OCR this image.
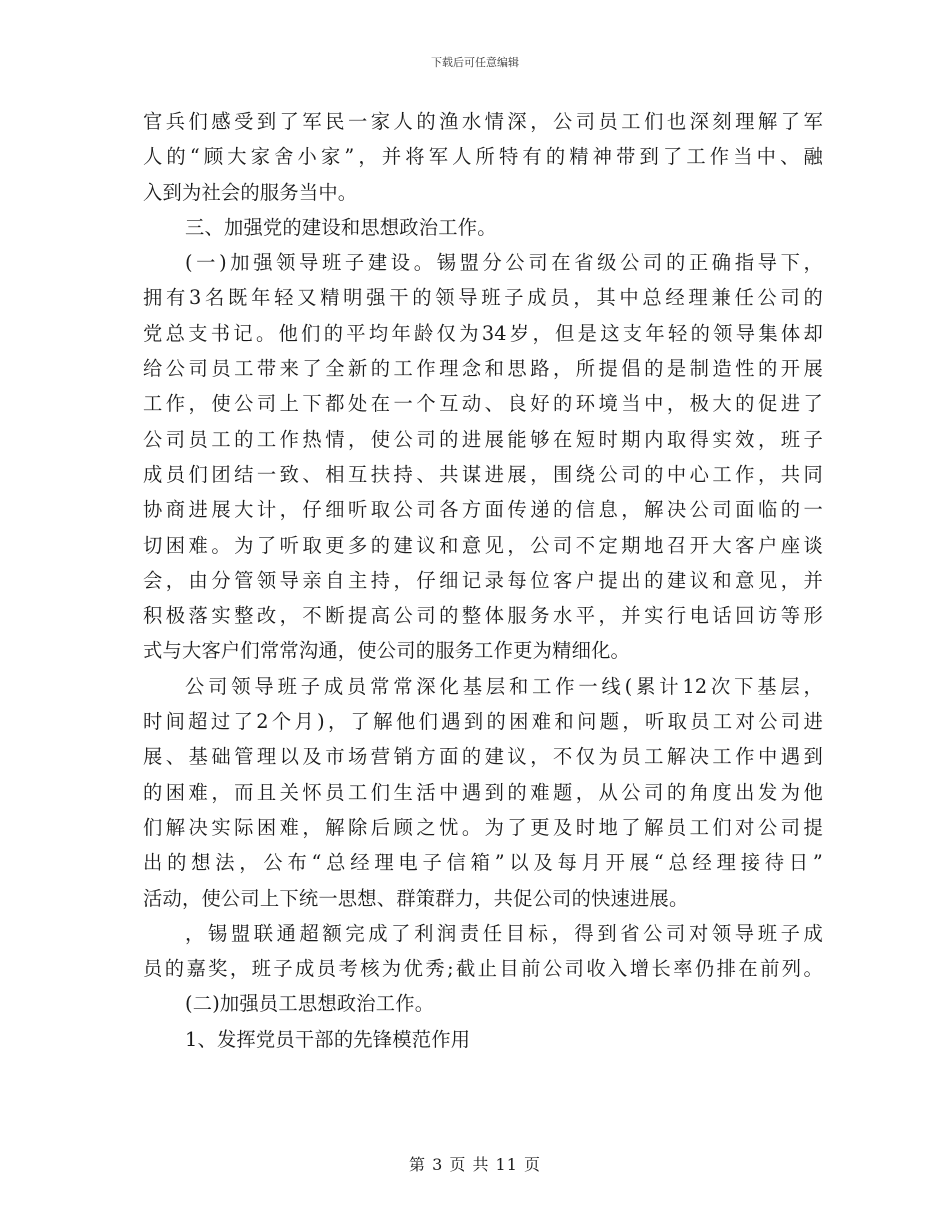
下载后可任意编辑
官兵们感受到了军民一家人的渔水情深，公司员工们也深刻理解了军
人的“顾大家舍小家”，并将军人所特有的精神带到了工作当中、融
入到为社会的服务当中。
三、加强党的建设和思想政治工作。
(一)加强领导班子建设。锡盟分公司在省级公司的正确指导下，
拥有3名既年轻又精明强干的领导班子成员，其中总经理兼任公司的
党总支书记。他们的平均年龄仅为34岁，但是这支年轻的领导集体却
给公司员工带来了全新的工作理念和思路，所提倡的是制造性的开展
工作，使公司上下都处在一个互动、良好的环境当中，极大的促进了
公司员工的工作热情，使公司的进展能够在短时期内取得实效，班子
成员们团结一致、相互扶持、共谋进展，围绕公司的中心工作，共同
协商进展大计，仔细听取公司各方面传递的信息，解决公司面临的一
切困难。为了听取更多的建议和意见，公司不定期地召开大客户座谈
会，由分管领导亲自主持，仔细记录每位客户提出的建议和意见，并
积极落实整改，不断提高公司的整体服务水平，并实行电话回访等形
式与大客户们常常沟通，使公司的服务工作更为精细化。
公司领导班子成员常常深化基层和工作一线(累计12次下基层，
时间超过了2个月)，了解他们遇到的困难和问题，听取员工对公司进
展、基础管理以及市场营销方面的建议，不仅为员工解决工作中遇到
的困难，而且关怀员工们生活中遇到的难题，从公司的角度出发为他
们解决实际困难，解除后顾之忧。为了更及时地了解员工们对公司提
出的想法，公布“总经理电子信箱”以及每月开展“总经理接待日”
活动，使公司上下统一思想、群策群力，共促公司的快速进展。
，锡盟联通超额完成了利润责任目标，得到省公司对领导班子成
员的嘉奖，班子成员考核为优秀;截止目前公司收入增长率仍排在前列。
(二)加强员工思想政治工作。
1、发挥党员干部的先锋模范作用
第 3 页 共 11 页
